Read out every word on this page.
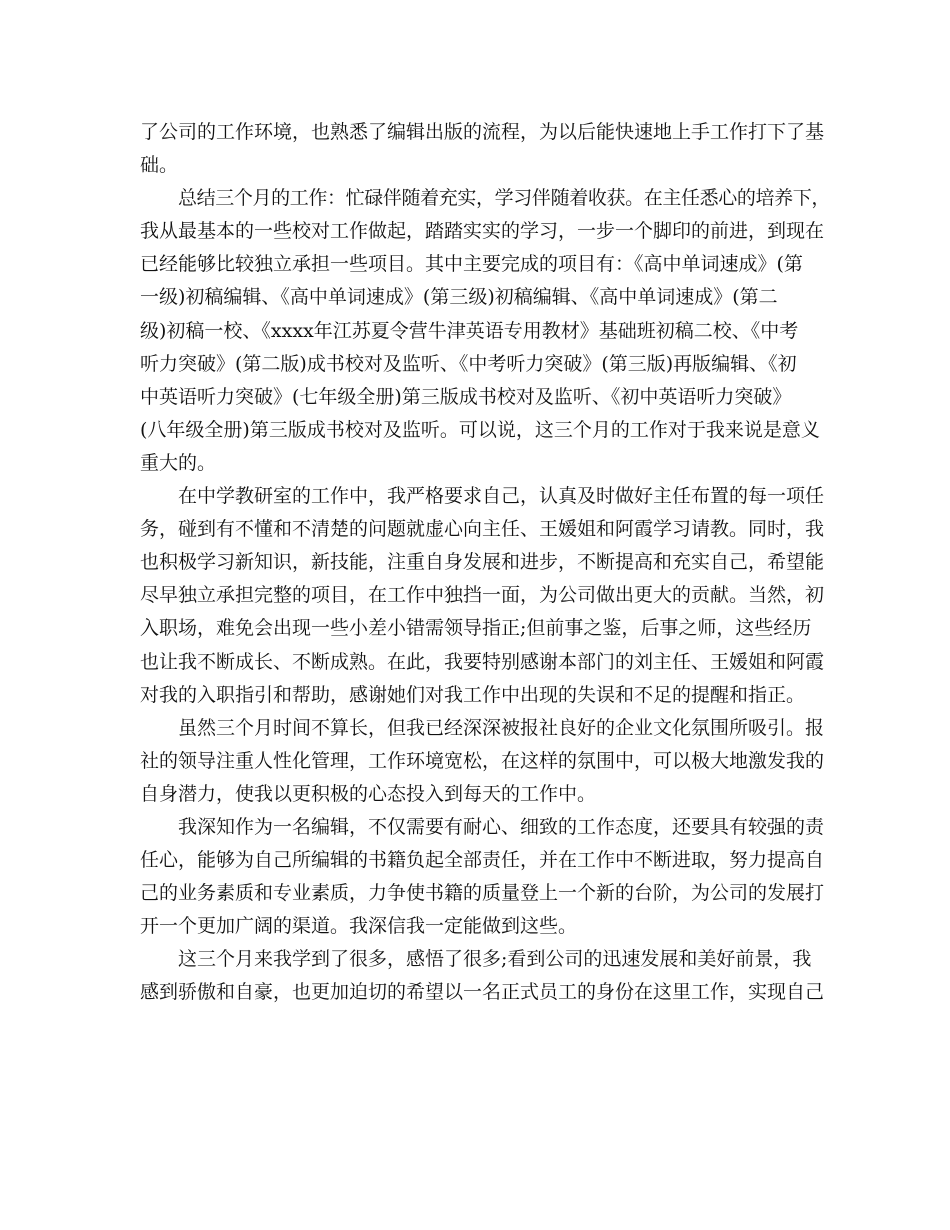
了公司的工作环境，也熟悉了编辑出版的流程，为以后能快速地上手工作打下了基
础。
总结三个月的工作：忙碌伴随着充实，学习伴随着收获。在主任悉心的培养下，
我从最基本的一些校对工作做起，踏踏实实的学习，一步一个脚印的前进，到现在
已经能够比较独立承担一些项目。其中主要完成的项目有：《高中单词速成》(第
一级)初稿编辑、《高中单词速成》(第三级)初稿编辑、《高中单词速成》(第二
级)初稿一校、《xxxx年江苏夏令营牛津英语专用教材》基础班初稿二校、《中考
听力突破》(第二版)成书校对及监听、《中考听力突破》(第三版)再版编辑、《初
中英语听力突破》(七年级全册)第三版成书校对及监听、《初中英语听力突破》
(八年级全册)第三版成书校对及监听。可以说，这三个月的工作对于我来说是意义
重大的。
在中学教研室的工作中，我严格要求自己，认真及时做好主任布置的每一项任
务，碰到有不懂和不清楚的问题就虚心向主任、王媛姐和阿霞学习请教。同时，我
也积极学习新知识，新技能，注重自身发展和进步，不断提高和充实自己，希望能
尽早独立承担完整的项目，在工作中独挡一面，为公司做出更大的贡献。当然，初
入职场，难免会出现一些小差小错需领导指正;但前事之鉴，后事之师，这些经历
也让我不断成长、不断成熟。在此，我要特别感谢本部门的刘主任、王媛姐和阿霞
对我的入职指引和帮助，感谢她们对我工作中出现的失误和不足的提醒和指正。
虽然三个月时间不算长，但我已经深深被报社良好的企业文化氛围所吸引。报
社的领导注重人性化管理，工作环境宽松，在这样的氛围中，可以极大地激发我的
自身潜力，使我以更积极的心态投入到每天的工作中。
我深知作为一名编辑，不仅需要有耐心、细致的工作态度，还要具有较强的责
任心，能够为自己所编辑的书籍负起全部责任，并在工作中不断进取，努力提高自
己的业务素质和专业素质，力争使书籍的质量登上一个新的台阶，为公司的发展打
开一个更加广阔的渠道。我深信我一定能做到这些。
这三个月来我学到了很多，感悟了很多;看到公司的迅速发展和美好前景，我
感到骄傲和自豪，也更加迫切的希望以一名正式员工的身份在这里工作，实现自己
